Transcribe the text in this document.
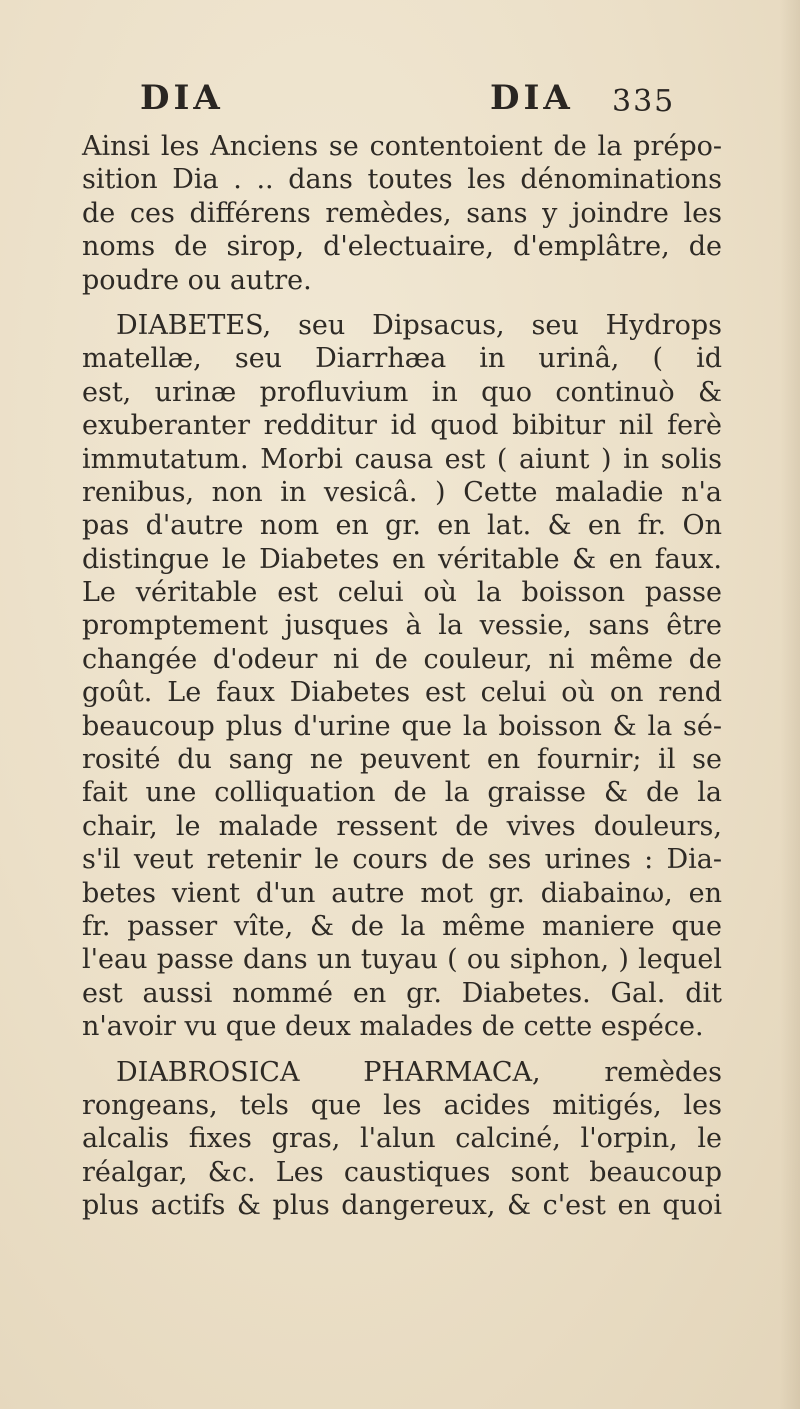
DIA	DIA 335
Ainsi les Anciens se contentoient de la prépo-
sition Dia . .. dans toutes les dénominations
de ces différens remèdes, sans y joindre les
noms de sirop, d'electuaire, d'emplâtre, de
poudre ou autre.
DIABETES, seu Dipsacus, seu Hydrops
matellæ, seu Diarrhæa in urinâ, ( id
est, urinæ profluvium in quo continuò &
exuberanter redditur id quod bibitur nil ferè
immutatum. Morbi causa est ( aiunt ) in solis
renibus, non in vesicâ. ) Cette maladie n'a
pas d'autre nom en gr. en lat. & en fr. On
distingue le Diabetes en véritable & en faux.
Le véritable est celui où la boisson passe
promptement jusques à la vessie, sans être
changée d'odeur ni de couleur, ni même de
goût. Le faux Diabetes est celui où on rend
beaucoup plus d'urine que la boisson & la sé-
rosité du sang ne peuvent en fournir; il se
fait une colliquation de la graisse & de la
chair, le malade ressent de vives douleurs,
s'il veut retenir le cours de ses urines : Dia-
betes vient d'un autre mot gr. diabainω, en
fr. passer vîte, & de la même maniere que
l'eau passe dans un tuyau ( ou siphon, ) lequel
est aussi nommé en gr. Diabetes. Gal. dit
n'avoir vu que deux malades de cette espéce.
DIABROSICA PHARMACA, remèdes
rongeans, tels que les acides mitigés, les
alcalis fixes gras, l'alun calciné, l'orpin, le
réalgar, &c. Les caustiques sont beaucoup
plus actifs & plus dangereux, & c'est en quoi
